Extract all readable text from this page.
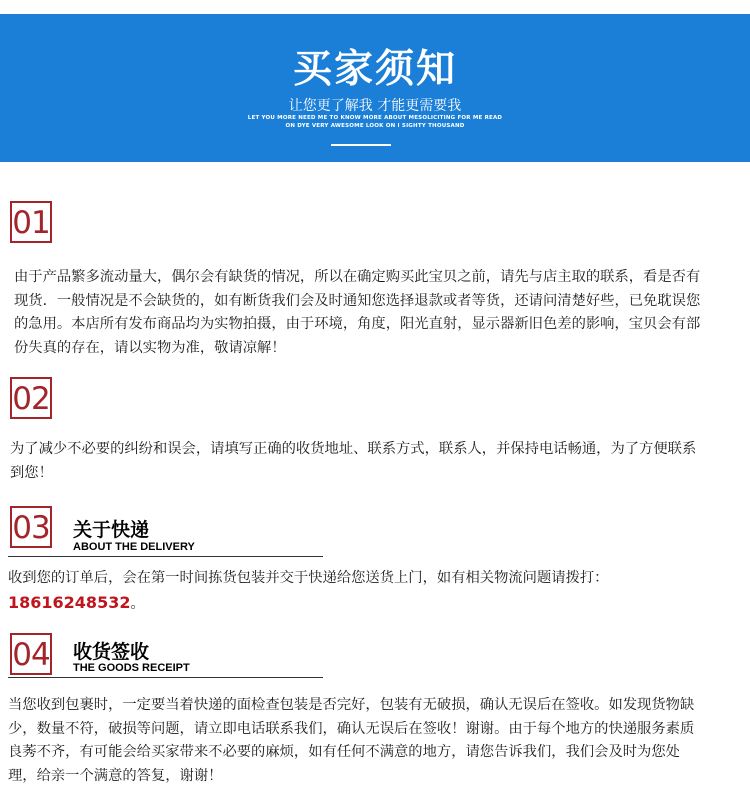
买家须知
让您更了解我 才能更需要我
LET YOU MORE NEED ME TO KNOW MORE ABOUT MESOLICITING FOR ME READ
ON DYE VERY AWESOME LOOK ON I SIGHTY THOUSAND
01
由于产品繁多流动量大，偶尔会有缺货的情况，所以在确定购买此宝贝之前，请先与店主取的联系，看是否有现货．一般情况是不会缺货的，如有断货我们会及时通知您选择退款或者等货，还请问清楚好些，已免耽误您的急用。本店所有发布商品均为实物拍摄，由于环境，角度，阳光直射，显示器新旧色差的影响，宝贝会有部份失真的存在，请以实物为准，敬请凉解！
02
为了减少不必要的纠纷和误会，请填写正确的收货地址、联系方式，联系人，并保持电话畅通，为了方便联系到您！
03 关于快递
ABOUT THE DELIVERY
收到您的订单后，会在第一时间拣货包装并交于快递给您送货上门，如有相关物流问题请拨打：
18616248532。
04 收货签收
THE GOODS RECEIPT
当您收到包裹时，一定要当着快递的面检查包装是否完好，包装有无破损，确认无误后在签收。如发现货物缺少，数量不符，破损等问题，请立即电话联系我们，确认无误后在签收！谢谢。由于每个地方的快递服务素质良莠不齐，有可能会给买家带来不必要的麻烦，如有任何不满意的地方，请您告诉我们，我们会及时为您处理，给亲一个满意的答复，谢谢！
